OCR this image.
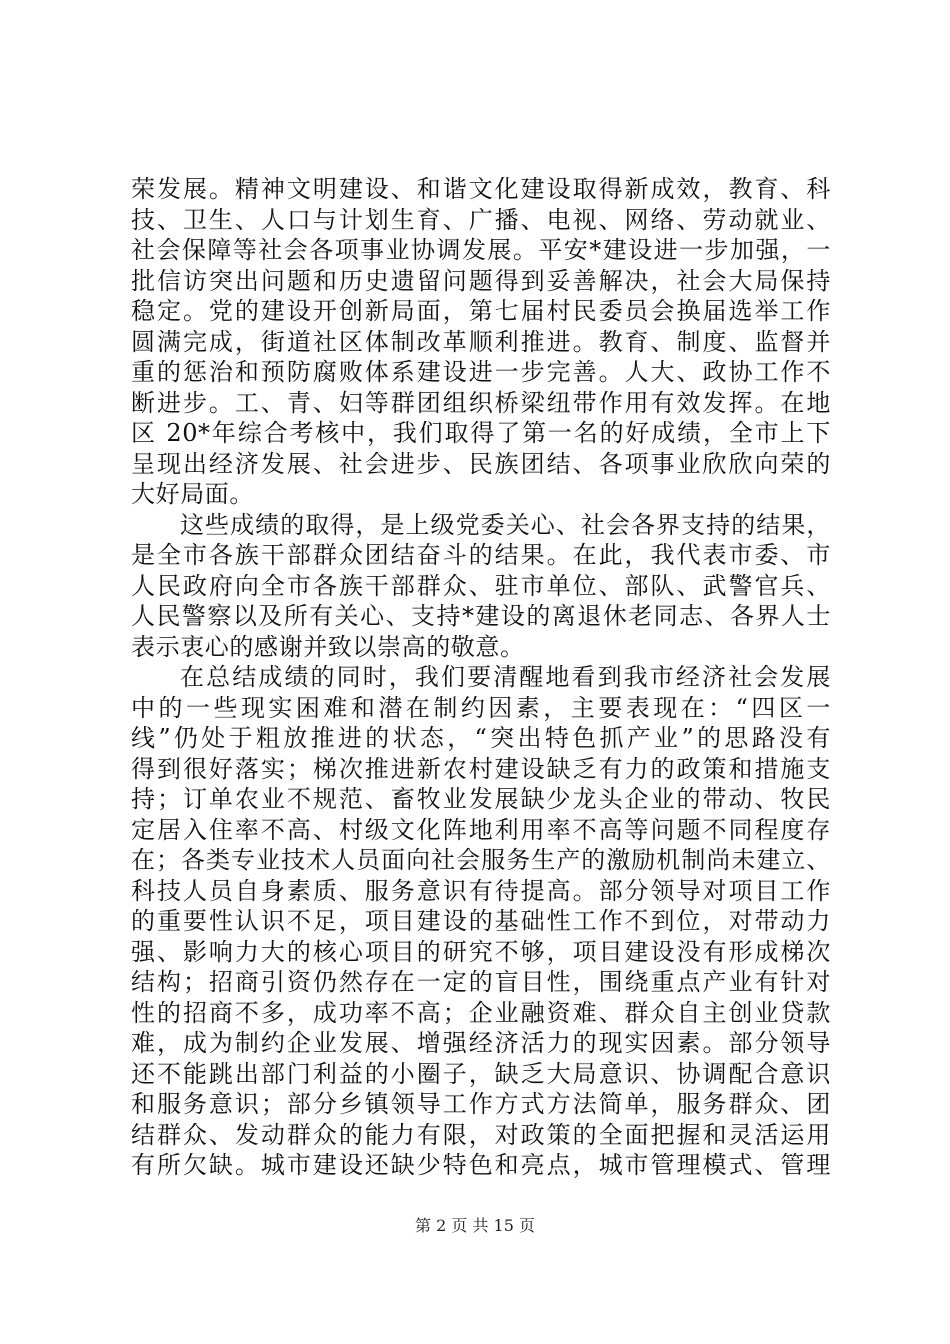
荣发展。精神文明建设、和谐文化建设取得新成效，教育、科
技、卫生、人口与计划生育、广播、电视、网络、劳动就业、
社会保障等社会各项事业协调发展。平安*建设进一步加强，一
批信访突出问题和历史遗留问题得到妥善解决，社会大局保持
稳定。党的建设开创新局面，第七届村民委员会换届选举工作
圆满完成，街道社区体制改革顺利推进。教育、制度、监督并
重的惩治和预防腐败体系建设进一步完善。人大、政协工作不
断进步。工、青、妇等群团组织桥梁纽带作用有效发挥。在地
区 20*年综合考核中，我们取得了第一名的好成绩，全市上下
呈现出经济发展、社会进步、民族团结、各项事业欣欣向荣的
大好局面。
这些成绩的取得，是上级党委关心、社会各界支持的结果，
是全市各族干部群众团结奋斗的结果。在此，我代表市委、市
人民政府向全市各族干部群众、驻市单位、部队、武警官兵、
人民警察以及所有关心、支持*建设的离退休老同志、各界人士
表示衷心的感谢并致以崇高的敬意。
在总结成绩的同时，我们要清醒地看到我市经济社会发展
中的一些现实困难和潜在制约因素，主要表现在：“四区一
线”仍处于粗放推进的状态，“突出特色抓产业”的思路没有
得到很好落实；梯次推进新农村建设缺乏有力的政策和措施支
持；订单农业不规范、畜牧业发展缺少龙头企业的带动、牧民
定居入住率不高、村级文化阵地利用率不高等问题不同程度存
在；各类专业技术人员面向社会服务生产的激励机制尚未建立、
科技人员自身素质、服务意识有待提高。部分领导对项目工作
的重要性认识不足，项目建设的基础性工作不到位，对带动力
强、影响力大的核心项目的研究不够，项目建设没有形成梯次
结构；招商引资仍然存在一定的盲目性，围绕重点产业有针对
性的招商不多，成功率不高；企业融资难、群众自主创业贷款
难，成为制约企业发展、增强经济活力的现实因素。部分领导
还不能跳出部门利益的小圈子，缺乏大局意识、协调配合意识
和服务意识；部分乡镇领导工作方式方法简单，服务群众、团
结群众、发动群众的能力有限，对政策的全面把握和灵活运用
有所欠缺。城市建设还缺少特色和亮点，城市管理模式、管理
第 2 页 共 15 页
